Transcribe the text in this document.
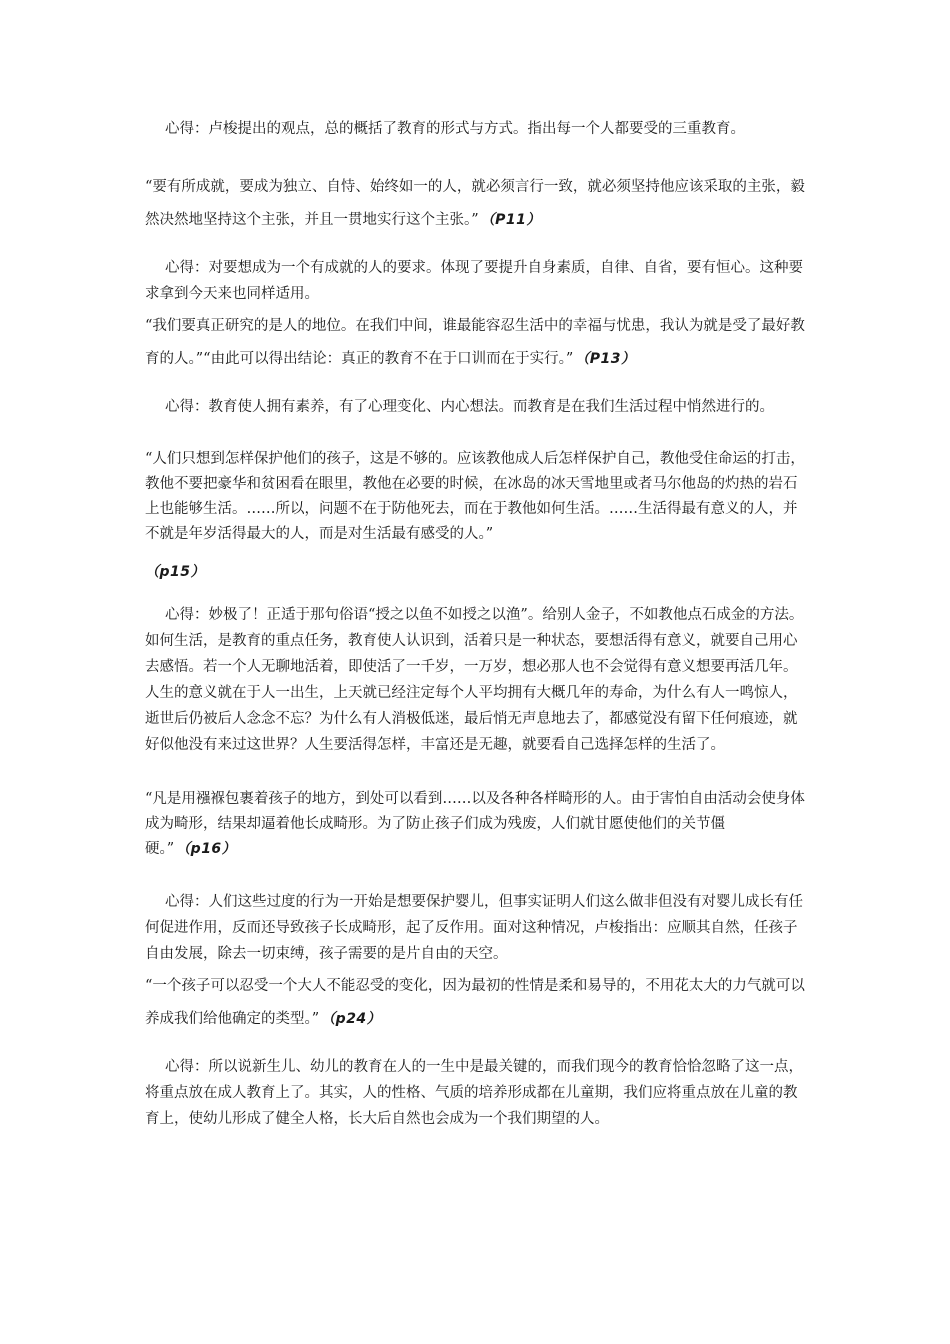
心得：卢梭提出的观点，总的概括了教育的形式与方式。指出每一个人都要受的三重教育。
“要有所成就，要成为独立、自恃、始终如一的人，就必须言行一致，就必须坚持他应该采取的主张，毅然决然地坚持这个主张，并且一贯地实行这个主张。” （P11）
心得：对要想成为一个有成就的人的要求。体现了要提升自身素质，自律、自省，要有恒心。这种要求拿到今天来也同样适用。
“我们要真正研究的是人的地位。在我们中间，谁最能容忍生活中的幸福与忧患，我认为就是受了最好教育的人。”“由此可以得出结论：真正的教育不在于口训而在于实行。” （P13）
心得：教育使人拥有素养，有了心理变化、内心想法。而教育是在我们生活过程中悄然进行的。
“人们只想到怎样保护他们的孩子，这是不够的。应该教他成人后怎样保护自己，教他受住命运的打击，教他不要把豪华和贫困看在眼里，教他在必要的时候，在冰岛的冰天雪地里或者马尔他岛的灼热的岩石上也能够生活。……所以，问题不在于防他死去，而在于教他如何生活。……生活得最有意义的人，并不就是年岁活得最大的人，而是对生活最有感受的人。”
（p15）
心得：妙极了！正适于那句俗语“授之以鱼不如授之以渔”。给别人金子，不如教他点石成金的方法。如何生活，是教育的重点任务，教育使人认识到，活着只是一种状态，要想活得有意义，就要自己用心去感悟。若一个人无聊地活着，即使活了一千岁，一万岁，想必那人也不会觉得有意义想要再活几年。人生的意义就在于人一出生，上天就已经注定每个人平均拥有大概几年的寿命，为什么有人一鸣惊人，逝世后仍被后人念念不忘？为什么有人消极低迷，最后悄无声息地去了，都感觉没有留下任何痕迹，就好似他没有来过这世界？人生要活得怎样，丰富还是无趣，就要看自己选择怎样的生活了。
“凡是用襁褓包裹着孩子的地方，到处可以看到……以及各种各样畸形的人。由于害怕自由活动会使身体成为畸形，结果却逼着他长成畸形。为了防止孩子们成为残废，人们就甘愿使他们的关节僵硬。” （p16）
心得：人们这些过度的行为一开始是想要保护婴儿，但事实证明人们这么做非但没有对婴儿成长有任何促进作用，反而还导致孩子长成畸形，起了反作用。面对这种情况，卢梭指出：应顺其自然，任孩子自由发展，除去一切束缚，孩子需要的是片自由的天空。
“一个孩子可以忍受一个大人不能忍受的变化，因为最初的性情是柔和易导的，不用花太大的力气就可以养成我们给他确定的类型。” （p24）
心得：所以说新生儿、幼儿的教育在人的一生中是最关键的，而我们现今的教育恰恰忽略了这一点，将重点放在成人教育上了。其实，人的性格、气质的培养形成都在儿童期，我们应将重点放在儿童的教育上，使幼儿形成了健全人格，长大后自然也会成为一个我们期望的人。
